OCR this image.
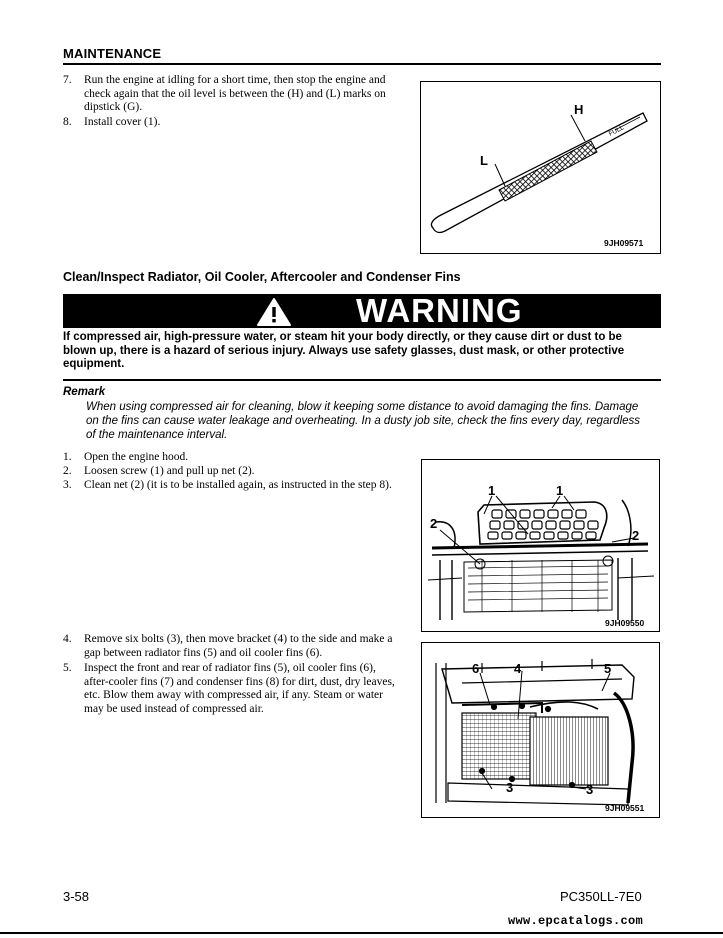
MAINTENANCE
7. Run the engine at idling for a short time, then stop the engine and
check again that the oil level is between the (H) and (L) marks on
dipstick (G).
8. Install cover (1).
H
L
FULL
9JH09571
Clean/Inspect Radiator, Oil Cooler, Aftercooler and Condenser Fins
WARNING
If compressed air, high-pressure water, or steam hit your body directly, or they cause dirt or dust to be
blown up, there is a hazard of serious injury. Always use safety glasses, dust mask, or other protective
equipment.
Remark
When using compressed air for cleaning, blow it keeping some distance to avoid damaging the fins. Damage
on the fins can cause water leakage and overheating. In a dusty job site, check the fins every day, regardless
of the maintenance interval.
1. Open the engine hood.
2. Loosen screw (1) and pull up net (2).
3. Clean net (2) (it is to be installed again, as instructed in the step 8).	1	1
2
2
9JH09550
4. Remove six bolts (3), then move bracket (4) to the side and make a
gap between radiator fins (5) and oil cooler fins (6).
5. Inspect the front and rear of radiator fins (5), oil cooler fins (6),
after-cooler fins (7) and condenser fins (8) for dirt, dust, dry leaves,
etc. Blow them away with compressed air, if any. Steam or water
may be used instead of compressed air.
6	4	5
3	3
9JH09551
3-58	PC350LL-7E0
www.epcatalogs.com
